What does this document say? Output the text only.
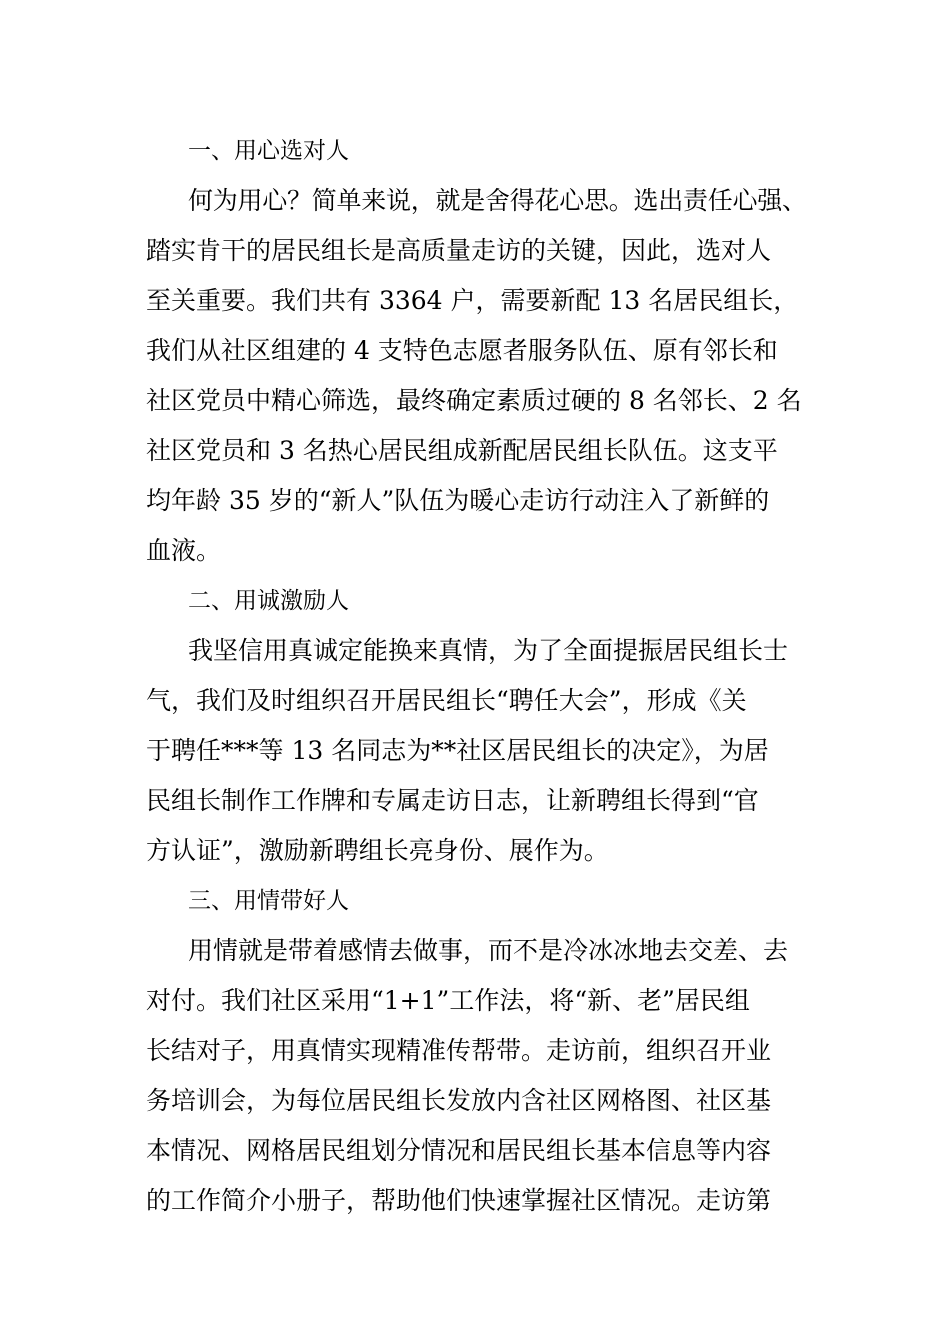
一、用心选对人
何为用心？简单来说，就是舍得花心思。选出责任心强、
踏实肯干的居民组长是高质量走访的关键，因此，选对人
至关重要。我们共有 3364 户，需要新配 13 名居民组长，
我们从社区组建的 4 支特色志愿者服务队伍、原有邻长和
社区党员中精心筛选，最终确定素质过硬的 8 名邻长、2 名
社区党员和 3 名热心居民组成新配居民组长队伍。这支平
均年龄 35 岁的“新人”队伍为暖心走访行动注入了新鲜的
血液。
二、用诚激励人
我坚信用真诚定能换来真情，为了全面提振居民组长士
气，我们及时组织召开居民组长“聘任大会”，形成《关
于聘任***等 13 名同志为**社区居民组长的决定》，为居
民组长制作工作牌和专属走访日志，让新聘组长得到“官
方认证”，激励新聘组长亮身份、展作为。
三、用情带好人
用情就是带着感情去做事，而不是冷冰冰地去交差、去
对付。我们社区采用“1+1”工作法，将“新、老”居民组
长结对子，用真情实现精准传帮带。走访前，组织召开业
务培训会，为每位居民组长发放内含社区网格图、社区基
本情况、网格居民组划分情况和居民组长基本信息等内容
的工作简介小册子，帮助他们快速掌握社区情况。走访第
